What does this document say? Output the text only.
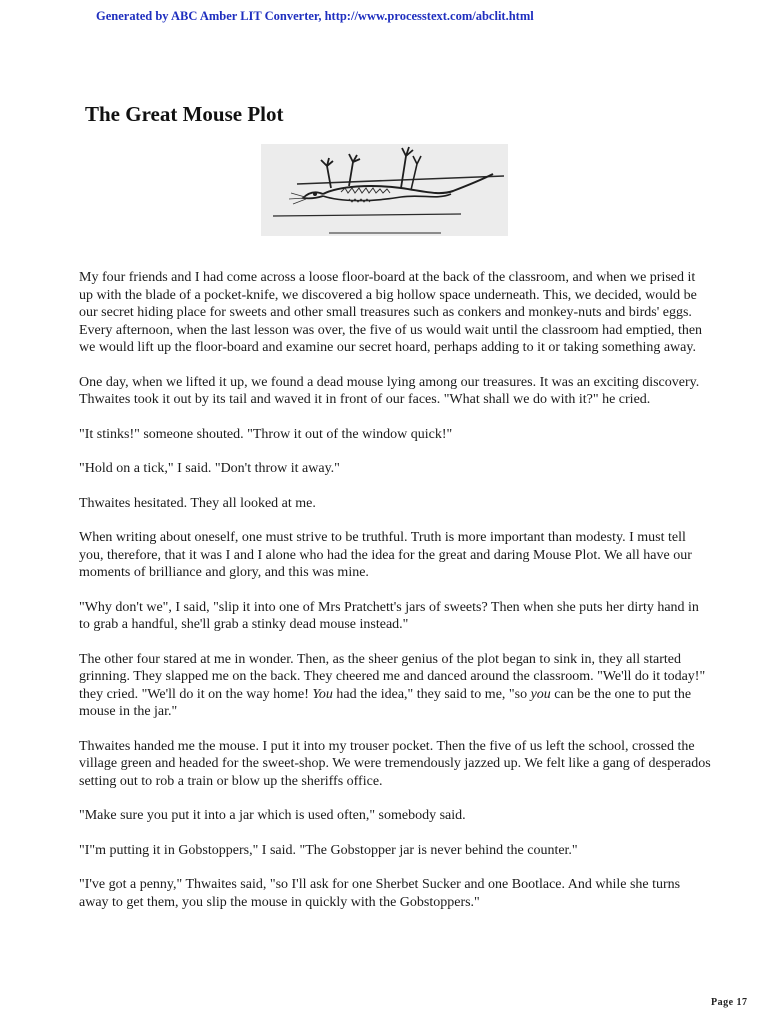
Generated by ABC Amber LIT Converter, http://www.processtext.com/abclit.html
The Great Mouse Plot

My four friends and I had come across a loose floor-board at the back of the classroom, and when we prised it up with the blade of a pocket-knife, we discovered a big hollow space underneath. This, we decided, would be our secret hiding place for sweets and other small treasures such as conkers and monkey-nuts and birds' eggs. Every afternoon, when the last lesson was over, the five of us would wait until the classroom had emptied, then we would lift up the floor-board and examine our secret hoard, perhaps adding to it or taking something away.

One day, when we lifted it up, we found a dead mouse lying among our treasures. It was an exciting discovery. Thwaites took it out by its tail and waved it in front of our faces. "What shall we do with it?" he cried.

"It stinks!" someone shouted. "Throw it out of the window quick!"

"Hold on a tick," I said. "Don't throw it away."

Thwaites hesitated. They all looked at me.

When writing about oneself, one must strive to be truthful. Truth is more important than modesty. I must tell you, therefore, that it was I and I alone who had the idea for the great and daring Mouse Plot. We all have our moments of brilliance and glory, and this was mine.

"Why don't we", I said, "slip it into one of Mrs Pratchett's jars of sweets? Then when she puts her dirty hand in to grab a handful, she'll grab a stinky dead mouse instead."

The other four stared at me in wonder. Then, as the sheer genius of the plot began to sink in, they all started grinning. They slapped me on the back. They cheered me and danced around the classroom. "We'll do it today!" they cried. "We'll do it on the way home! You had the idea," they said to me, "so you can be the one to put the mouse in the jar."

Thwaites handed me the mouse. I put it into my trouser pocket. Then the five of us left the school, crossed the village green and headed for the sweet-shop. We were tremendously jazzed up. We felt like a gang of desperados setting out to rob a train or blow up the sheriffs office.

"Make sure you put it into a jar which is used often," somebody said.

"I"m putting it in Gobstoppers," I said. "The Gobstopper jar is never behind the counter."

"I've got a penny," Thwaites said, "so I'll ask for one Sherbet Sucker and one Bootlace. And while she turns away to get them, you slip the mouse in quickly with the Gobstoppers."

Page 17
